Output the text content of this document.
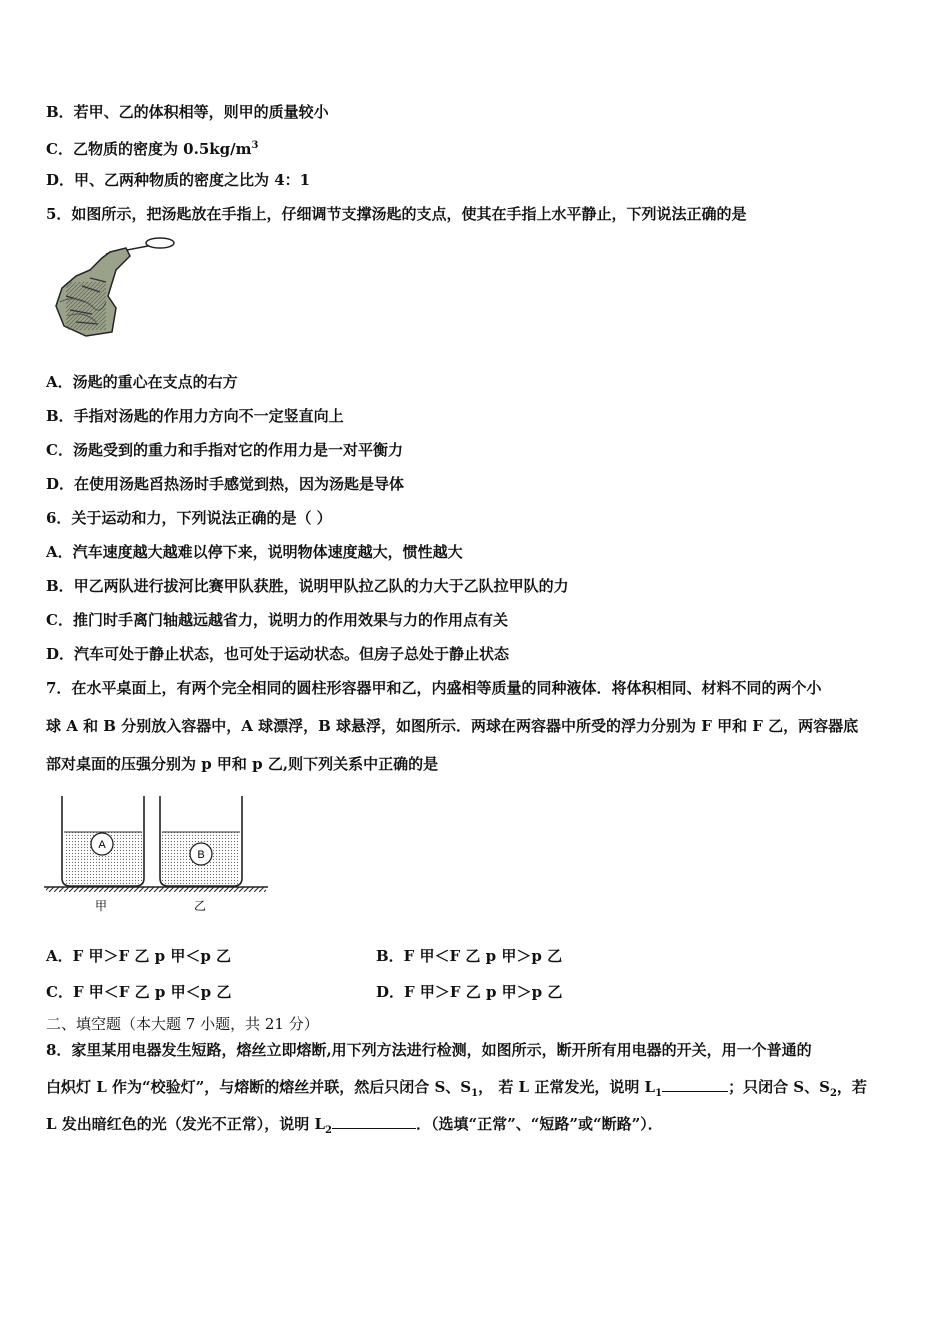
B．若甲、乙的体积相等，则甲的质量较小
C．乙物质的密度为 $0.5kg/m^3$
D．甲、乙两种物质的密度之比为 4：1
5．如图所示，把汤匙放在手指上，仔细调节支撑汤匙的支点，使其在手指上水平静止，下列说法正确的是
A．汤匙的重心在支点的右方
B．手指对汤匙的作用力方向不一定竖直向上
C．汤匙受到的重力和手指对它的作用力是一对平衡力
D．在使用汤匙舀热汤时手感觉到热，因为汤匙是导体
6．关于运动和力，下列说法正确的是（ ）
A．汽车速度越大越难以停下来，说明物体速度越大，惯性越大
B．甲乙两队进行拔河比赛甲队获胜，说明甲队拉乙队的力大于乙队拉甲队的力
C．推门时手离门轴越远越省力，说明力的作用效果与力的作用点有关
D．汽车可处于静止状态，也可处于运动状态。但房子总处于静止状态
7．在水平桌面上，有两个完全相同的圆柱形容器甲和乙，内盛相等质量的同种液体．将体积相同、材料不同的两个小
球 A 和 B 分别放入容器中，A 球漂浮，B 球悬浮，如图所示．两球在两容器中所受的浮力分别为 F 甲和 F 乙，两容器底
部对桌面的压强分别为 p 甲和 p 乙,则下列关系中正确的是
A
B
甲	乙
A．F 甲＞F 乙 p 甲＜p 乙	B．F 甲＜F 乙 p 甲＞p 乙
C．F 甲＜F 乙 p 甲＜p 乙	D．F 甲＞F 乙 p 甲＞p 乙
二、填空题（本大题 7 小题，共 21 分）
8．家里某用电器发生短路，熔丝立即熔断,用下列方法进行检测，如图所示，断开所有用电器的开关，用一个普通的
白炽灯 L 作为“校验灯”，与熔断的熔丝并联，然后只闭合 S、$S_1$， 若 L 正常发光，说明 $L_1$	；只闭合 S、$S_2$，若
L 发出暗红色的光（发光不正常），说明 $L_2$	．（选填“正常”、“短路”或“断路”）．
